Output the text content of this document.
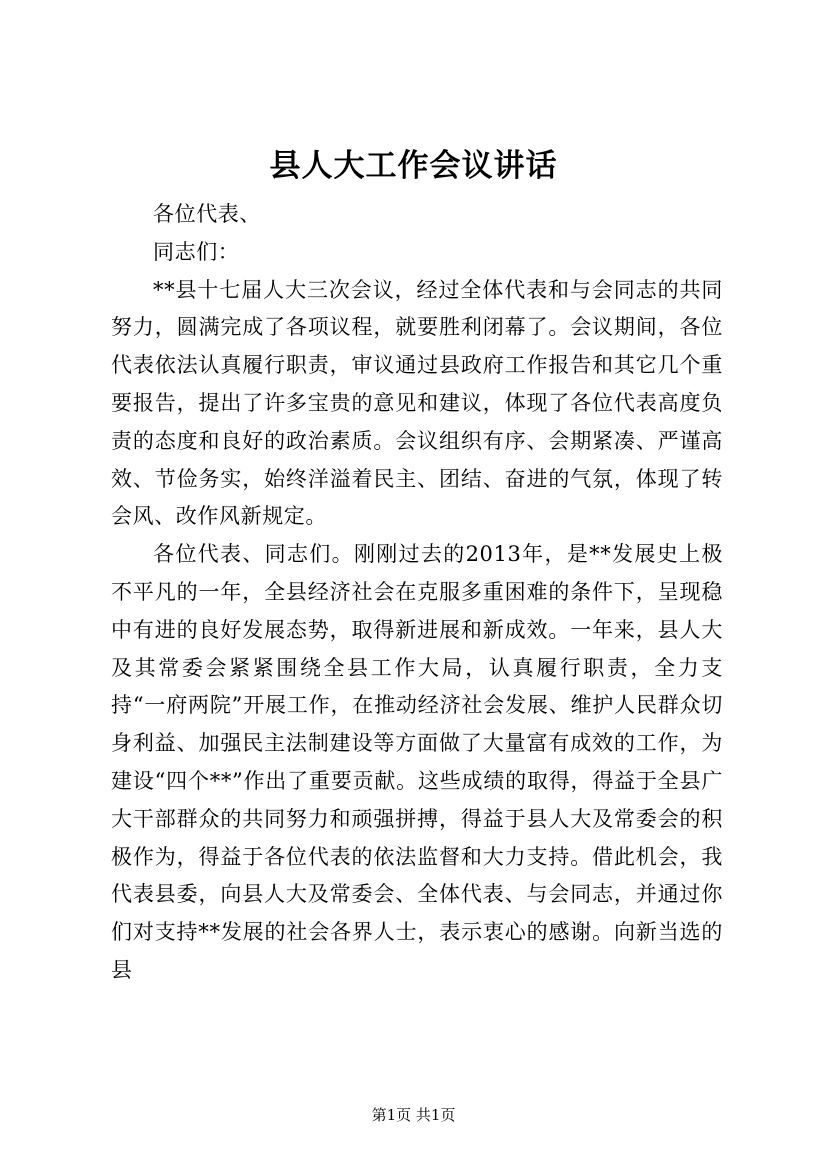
县人大工作会议讲话

各位代表、

同志们：

**县十七届人大三次会议，经过全体代表和与会同志的共同努力，圆满完成了各项议程，就要胜利闭幕了。会议期间，各位代表依法认真履行职责，审议通过县政府工作报告和其它几个重要报告，提出了许多宝贵的意见和建议，体现了各位代表高度负责的态度和良好的政治素质。会议组织有序、会期紧凑、严谨高效、节俭务实，始终洋溢着民主、团结、奋进的气氛，体现了转会风、改作风新规定。

各位代表、同志们。刚刚过去的2013年，是**发展史上极不平凡的一年，全县经济社会在克服多重困难的条件下，呈现稳中有进的良好发展态势，取得新进展和新成效。一年来，县人大及其常委会紧紧围绕全县工作大局，认真履行职责，全力支持“一府两院”开展工作，在推动经济社会发展、维护人民群众切身利益、加强民主法制建设等方面做了大量富有成效的工作，为建设“四个**”作出了重要贡献。这些成绩的取得，得益于全县广大干部群众的共同努力和顽强拼搏，得益于县人大及常委会的积极作为，得益于各位代表的依法监督和大力支持。借此机会，我代表县委，向县人大及常委会、全体代表、与会同志，并通过你们对支持**发展的社会各界人士，表示衷心的感谢。向新当选的县

第1页 共1页
